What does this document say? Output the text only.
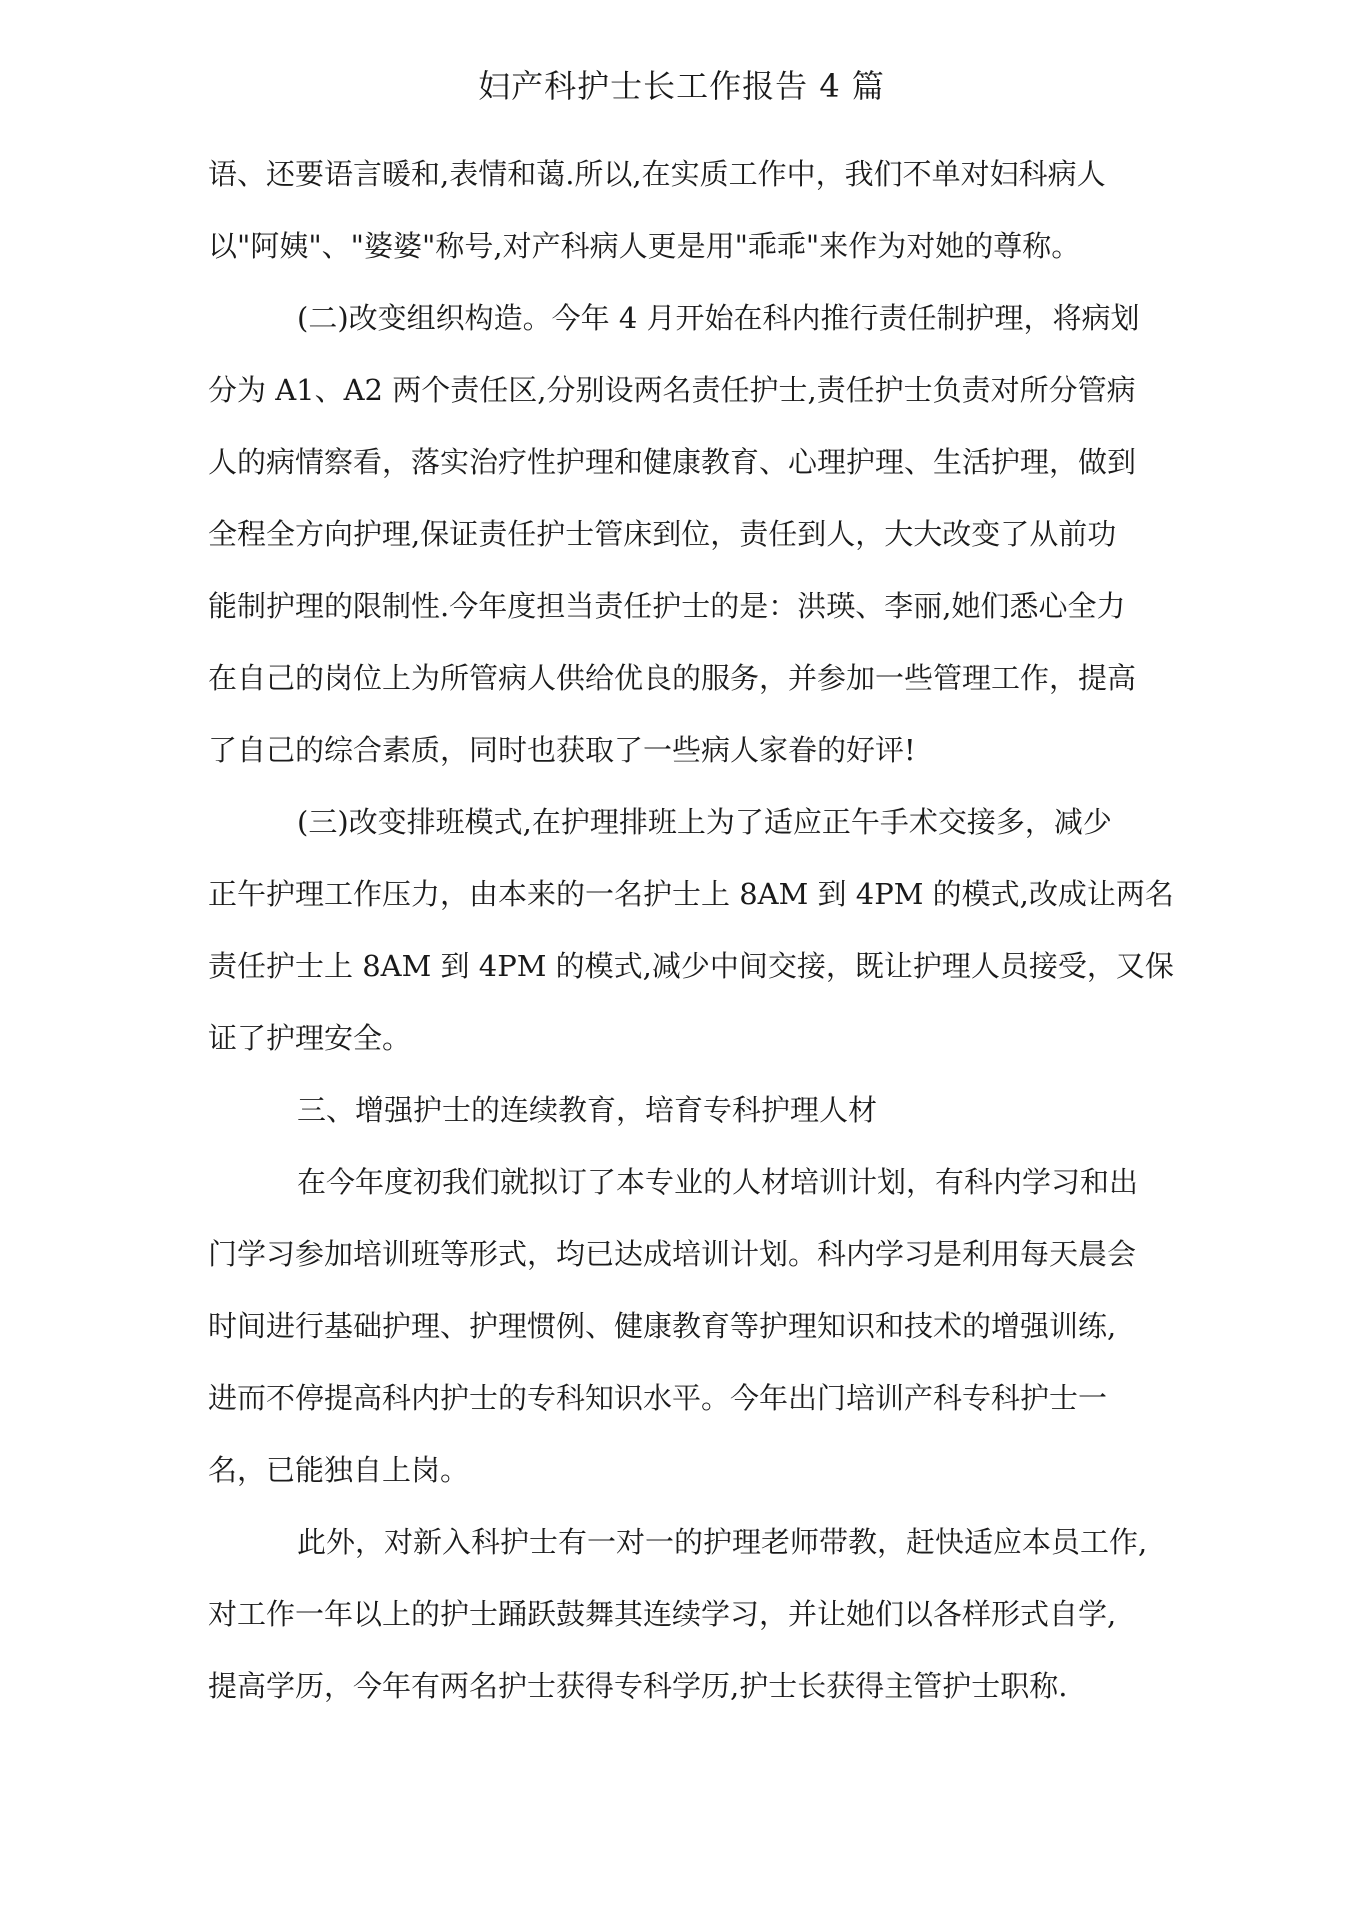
妇产科护士长工作报告 4 篇
语、还要语言暖和,表情和蔼.所以,在实质工作中，我们不单对妇科病人
以"阿姨"、"婆婆"称号,对产科病人更是用"乖乖"来作为对她的尊称。
(二)改变组织构造。今年 4 月开始在科内推行责任制护理，将病划
分为 A1、A2 两个责任区,分别设两名责任护士,责任护士负责对所分管病
人的病情察看，落实治疗性护理和健康教育、心理护理、生活护理，做到
全程全方向护理,保证责任护士管床到位，责任到人，大大改变了从前功
能制护理的限制性.今年度担当责任护士的是：洪瑛、李丽,她们悉心全力
在自己的岗位上为所管病人供给优良的服务，并参加一些管理工作，提高
了自己的综合素质，同时也获取了一些病人家眷的好评!
(三)改变排班模式,在护理排班上为了适应正午手术交接多，减少
正午护理工作压力，由本来的一名护士上 8AM 到 4PM 的模式,改成让两名
责任护士上 8AM 到 4PM 的模式,减少中间交接，既让护理人员接受，又保
证了护理安全。
三、增强护士的连续教育，培育专科护理人材
在今年度初我们就拟订了本专业的人材培训计划，有科内学习和出
门学习参加培训班等形式，均已达成培训计划。科内学习是利用每天晨会
时间进行基础护理、护理惯例、健康教育等护理知识和技术的增强训练,
进而不停提高科内护士的专科知识水平。今年出门培训产科专科护士一
名，已能独自上岗。
此外，对新入科护士有一对一的护理老师带教，赶快适应本员工作,
对工作一年以上的护士踊跃鼓舞其连续学习，并让她们以各样形式自学,
提高学历，今年有两名护士获得专科学历,护士长获得主管护士职称.
